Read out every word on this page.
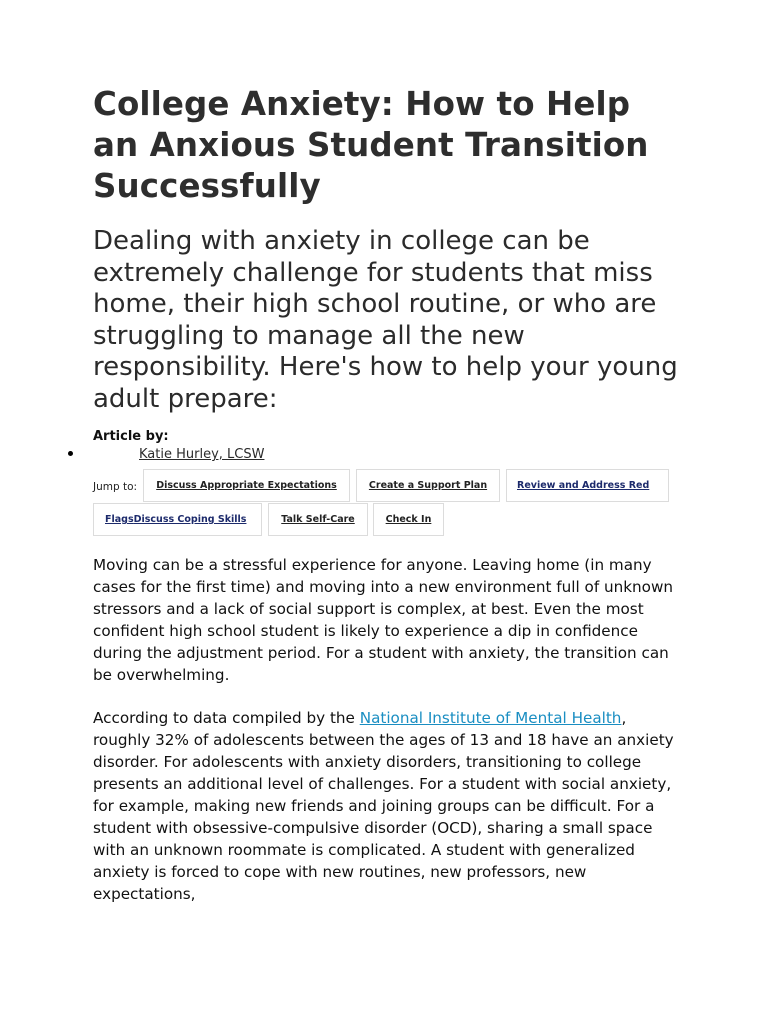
College Anxiety: How to Help an Anxious Student Transition Successfully
Dealing with anxiety in college can be extremely challenge for students that miss home, their high school routine, or who are struggling to manage all the new responsibility. Here's how to help your young adult prepare:
Article by:
Katie Hurley, LCSW
Jump to:	Discuss Appropriate Expectations	Create a Support Plan	Review and Address Red
Flags Discuss Coping Skills	Talk Self-Care	Check In

Moving can be a stressful experience for anyone. Leaving home (in many cases for the first time) and moving into a new environment full of unknown stressors and a lack of social support is complex, at best. Even the most confident high school student is likely to experience a dip in confidence during the adjustment period. For a student with anxiety, the transition can be overwhelming.

According to data compiled by the National Institute of Mental Health, roughly 32% of adolescents between the ages of 13 and 18 have an anxiety disorder. For adolescents with anxiety disorders, transitioning to college presents an additional level of challenges. For a student with social anxiety, for example, making new friends and joining groups can be difficult. For a student with obsessive-compulsive disorder (OCD), sharing a small space with an unknown roommate is complicated. A student with generalized anxiety is forced to cope with new routines, new professors, new expectations,
